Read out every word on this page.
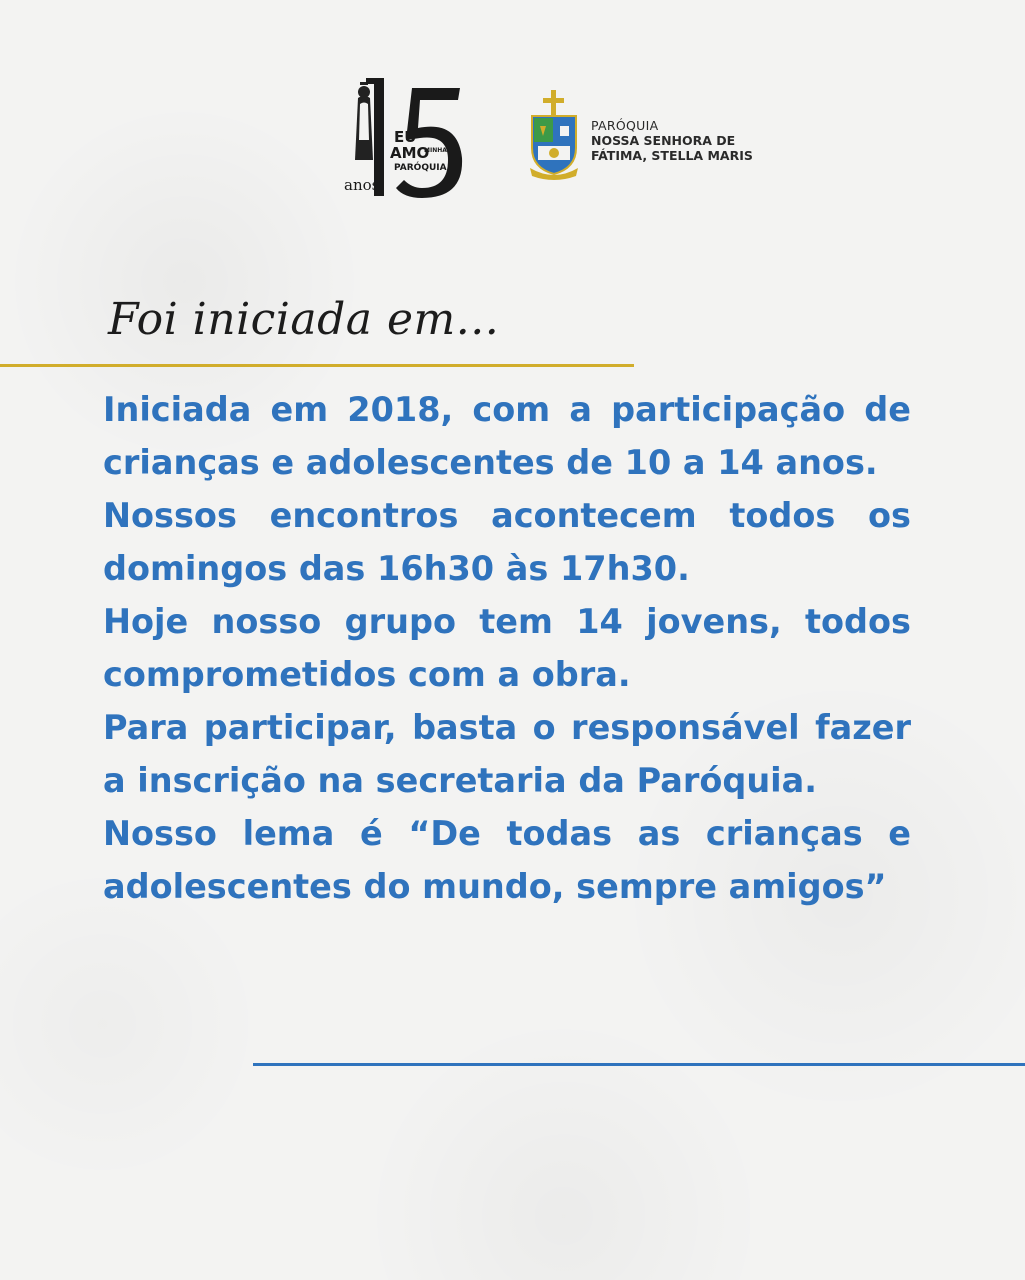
anos
EU
AMO
MINHA
PARÓQUIA!
PARÓQUIA
NOSSA SENHORA DE
FÁTIMA, STELLA MARIS
Foi iniciada em...

Iniciada em 2018, com a participação de crianças e adolescentes de 10 a 14 anos.

Nossos encontros acontecem todos os domingos das 16h30 às 17h30.

Hoje nosso grupo tem 14 jovens, todos comprometidos com a obra.

Para participar, basta o responsável fazer a inscrição na secretaria da Paróquia.

Nosso lema é “De todas as crianças e adolescentes do mundo, sempre amigos”
